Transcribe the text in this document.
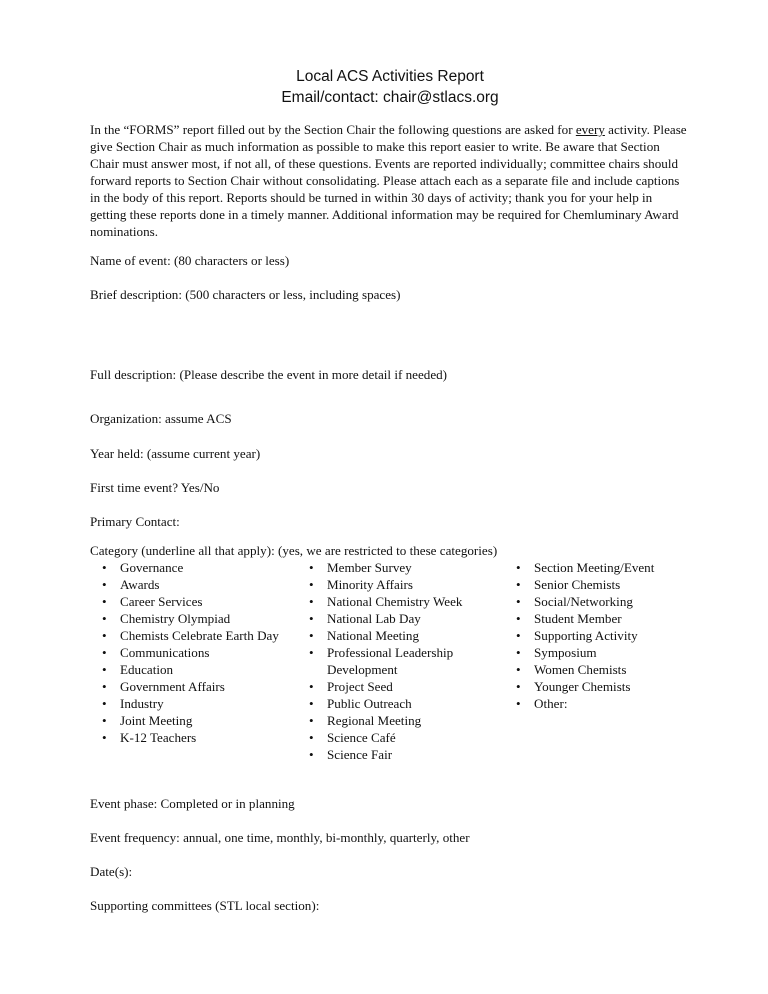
Local ACS Activities Report
Email/contact: chair@stlacs.org
In the “FORMS” report filled out by the Section Chair the following questions are asked for every activity. Please give Section Chair as much information as possible to make this report easier to write. Be aware that Section Chair must answer most, if not all, of these questions. Events are reported individually; committee chairs should forward reports to Section Chair without consolidating. Please attach each as a separate file and include captions in the body of this report. Reports should be turned in within 30 days of activity; thank you for your help in getting these reports done in a timely manner. Additional information may be required for Chemluminary Award nominations.
Name of event: (80 characters or less)
Brief description: (500 characters or less, including spaces)
Full description: (Please describe the event in more detail if needed)
Organization: assume ACS
Year held: (assume current year)
First time event? Yes/No
Primary Contact:
Category (underline all that apply): (yes, we are restricted to these categories)
•	Governance
•	Awards
•	Career Services
•	Chemistry Olympiad
•	Chemists Celebrate Earth Day
•	Communications
•	Education
•	Government Affairs
•	Industry
•	Joint Meeting
•	K-12 Teachers
•	Member Survey
•	Minority Affairs
•	National Chemistry Week
•	National Lab Day
•	National Meeting
•	Professional Leadership Development
•	Project Seed
•	Public Outreach
•	Regional Meeting
•	Science Café
•	Science Fair
•	Section Meeting/Event
•	Senior Chemists
•	Social/Networking
•	Student Member
•	Supporting Activity
•	Symposium
•	Women Chemists
•	Younger Chemists
•	Other:
Event phase: Completed or in planning
Event frequency: annual, one time, monthly, bi-monthly, quarterly, other
Date(s):
Supporting committees (STL local section):
